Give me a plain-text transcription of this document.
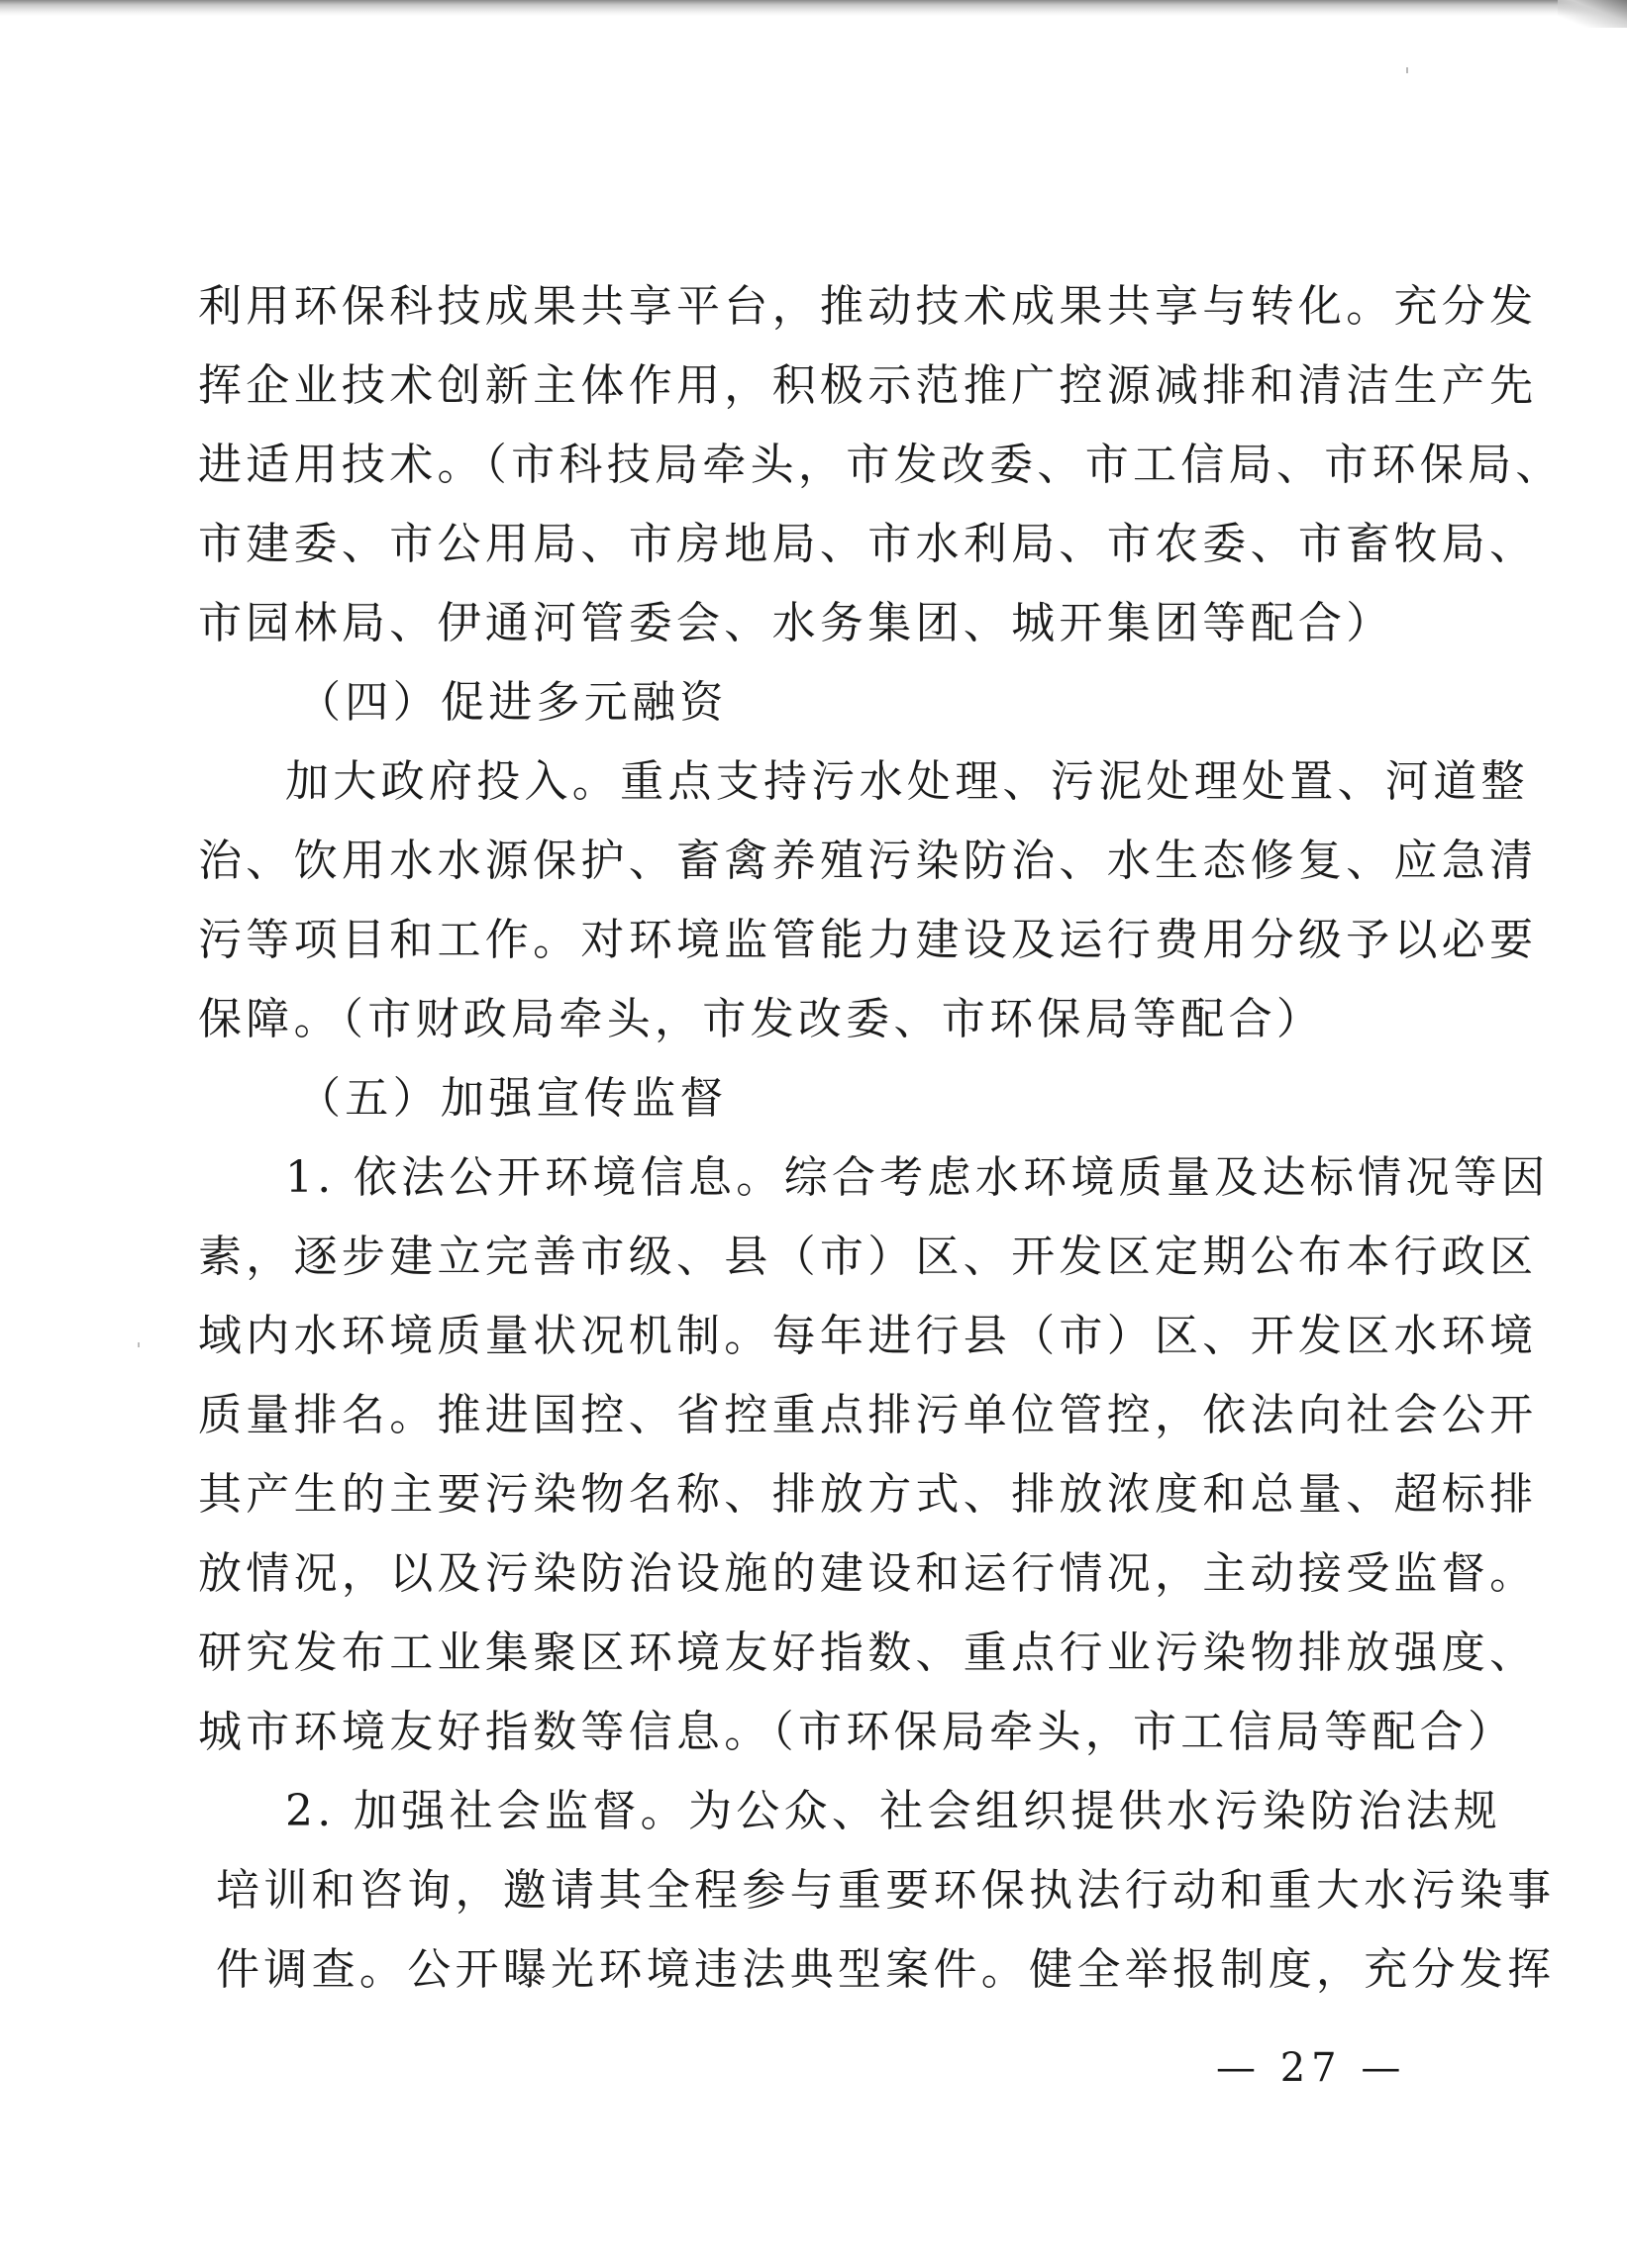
利用环保科技成果共享平台，推动技术成果共享与转化。充分发
挥企业技术创新主体作用，积极示范推广控源减排和清洁生产先
进适用技术。（市科技局牵头，市发改委、市工信局、市环保局、
市建委、市公用局、市房地局、市水利局、市农委、市畜牧局、
市园林局、伊通河管委会、水务集团、城开集团等配合）
（四）促进多元融资
加大政府投入。重点支持污水处理、污泥处理处置、河道整
治、饮用水水源保护、畜禽养殖污染防治、水生态修复、应急清
污等项目和工作。对环境监管能力建设及运行费用分级予以必要
保障。（市财政局牵头，市发改委、市环保局等配合）
（五）加强宣传监督
1. 依法公开环境信息。综合考虑水环境质量及达标情况等因
素，逐步建立完善市级、县（市）区、开发区定期公布本行政区
域内水环境质量状况机制。每年进行县（市）区、开发区水环境
质量排名。推进国控、省控重点排污单位管控，依法向社会公开
其产生的主要污染物名称、排放方式、排放浓度和总量、超标排
放情况，以及污染防治设施的建设和运行情况，主动接受监督。
研究发布工业集聚区环境友好指数、重点行业污染物排放强度、
城市环境友好指数等信息。（市环保局牵头，市工信局等配合）
2. 加强社会监督。为公众、社会组织提供水污染防治法规
培训和咨询，邀请其全程参与重要环保执法行动和重大水污染事
件调查。公开曝光环境违法典型案件。健全举报制度，充分发挥
— 27 —
